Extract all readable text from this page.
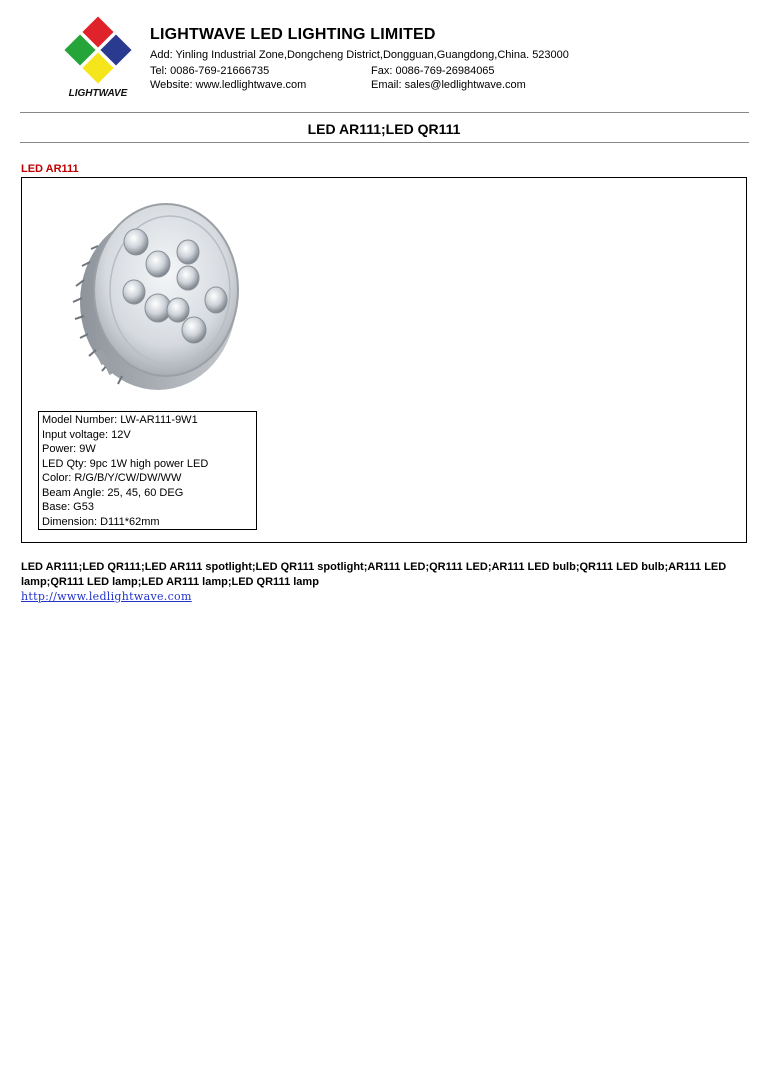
LIGHTWAVE
LIGHTWAVE LED LIGHTING LIMITED
Add: Yinling Industrial Zone,Dongcheng District,Dongguan,Guangdong,China. 523000
Tel: 0086-769-21666735	Fax: 0086-769-26984065
Website: www.ledlightwave.com	Email: sales@ledlightwave.com
LED AR111;LED QR111
LED AR111
Model Number: LW-AR111-9W1
Input voltage: 12V
Power: 9W
LED Qty: 9pc 1W high power LED
Color: R/G/B/Y/CW/DW/WW
Beam Angle: 25, 45, 60 DEG
Base: G53
Dimension: D111*62mm
LED AR111;LED QR111;LED AR111 spotlight;LED QR111 spotlight;AR111 LED;QR111 LED;AR111 LED bulb;QR111 LED bulb;AR111 LED lamp;QR111 LED lamp;LED AR111 lamp;LED QR111 lamp
http://www.ledlightwave.com
